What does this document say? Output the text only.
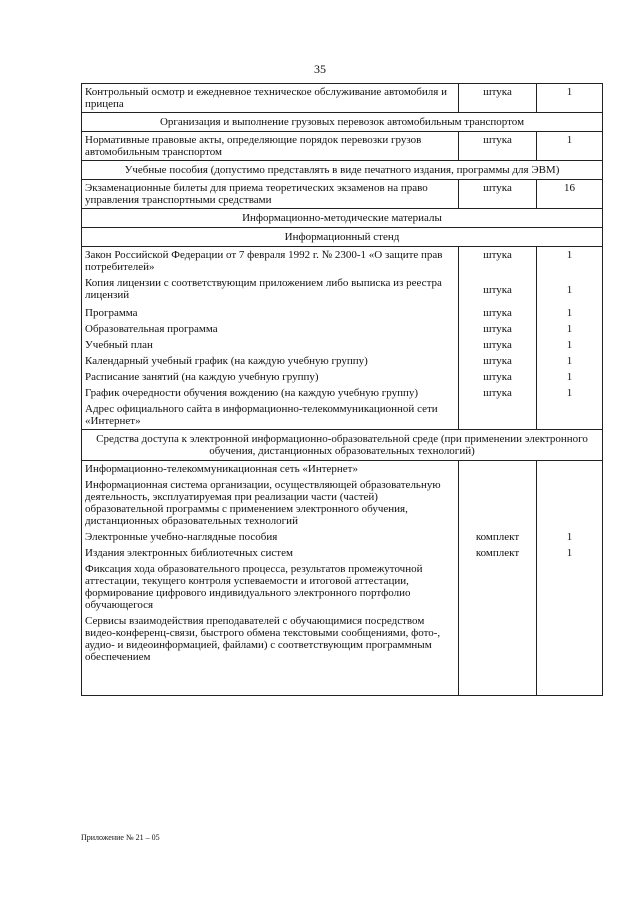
35
Контрольный осмотр и ежедневное техническое обслуживание автомобиля и прицепа	штука	1
Организация и выполнение грузовых перевозок автомобильным транспортом		
Нормативные правовые акты, определяющие порядок перевозки грузов автомобильным транспортом	штука	1
Учебные пособия (допустимо представлять в виде печатного издания, программы для ЭВМ)		
Экзаменационные билеты для приема теоретических экзаменов на право управления транспортными средствами	штука	16
Информационно-методические материалы		
Информационный стенд		
Закон Российской Федерации от 7 февраля 1992 г. № 2300-1 «О защите прав потребителей»	штука	1
Копия лицензии с соответствующим приложением либо выписка из реестра лицензий	штука	1
Программа	штука	1
Образовательная программа	штука	1
Учебный план	штука	1
Календарный учебный график (на каждую учебную группу)	штука	1
Расписание занятий (на каждую учебную группу)	штука	1
График очередности обучения вождению (на каждую учебную группу)	штука	1
Адрес официального сайта в информационно-телекоммуникационной сети «Интернет»		
Средства доступа к электронной информационно-образовательной среде (при применении электронного обучения, дистанционных образовательных технологий)		
Информационно-телекоммуникационная сеть «Интернет»		
Информационная система организации, осуществляющей образовательную деятельность, эксплуатируемая при реализации части (частей) образовательной программы с применением электронного обучения, дистанционных образовательных технологий		
Электронные учебно-наглядные пособия	комплект	1
Издания электронных библиотечных систем	комплект	1
Фиксация хода образовательного процесса, результатов промежуточной аттестации, текущего контроля успеваемости и итоговой аттестации, формирование цифрового индивидуального электронного портфолио обучающегося		
Сервисы взаимодействия преподавателей с обучающимися посредством видео-конференц-связи, быстрого обмена текстовыми сообщениями, фото-, аудио- и видеоинформацией, файлами) с соответствующим программным обеспечением		

Приложение № 21 – 05
